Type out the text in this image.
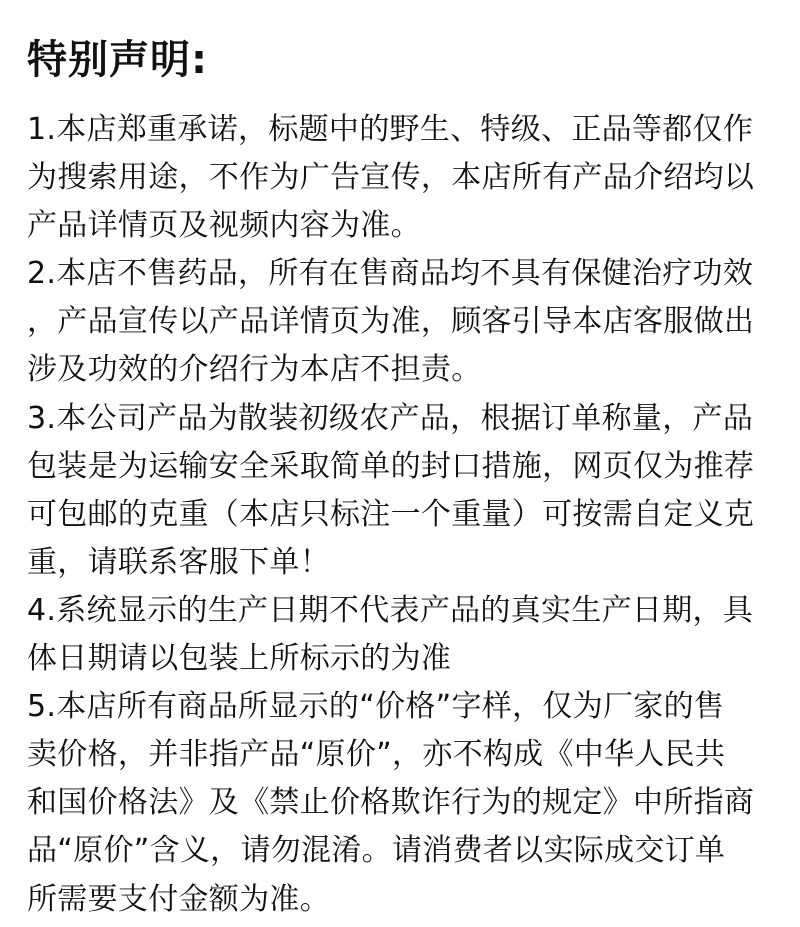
特别声明:
1.本店郑重承诺，标题中的野生、特级、正品等都仅作
为搜索用途，不作为广告宣传，本店所有产品介绍均以
产品详情页及视频内容为准。
2.本店不售药品，所有在售商品均不具有保健治疗功效
，产品宣传以产品详情页为准，顾客引导本店客服做出
涉及功效的介绍行为本店不担责。
3.本公司产品为散装初级农产品，根据订单称量，产品
包装是为运输安全采取简单的封口措施，网页仅为推荐
可包邮的克重（本店只标注一个重量）可按需自定义克
重，请联系客服下单！
4.系统显示的生产日期不代表产品的真实生产日期，具
体日期请以包装上所标示的为准
5.本店所有商品所显示的“价格”字样，仅为厂家的售
卖价格，并非指产品“原价”，亦不构成《中华人民共
和国价格法》及《禁止价格欺诈行为的规定》中所指商
品“原价”含义，请勿混淆。请消费者以实际成交订单
所需要支付金额为准。
